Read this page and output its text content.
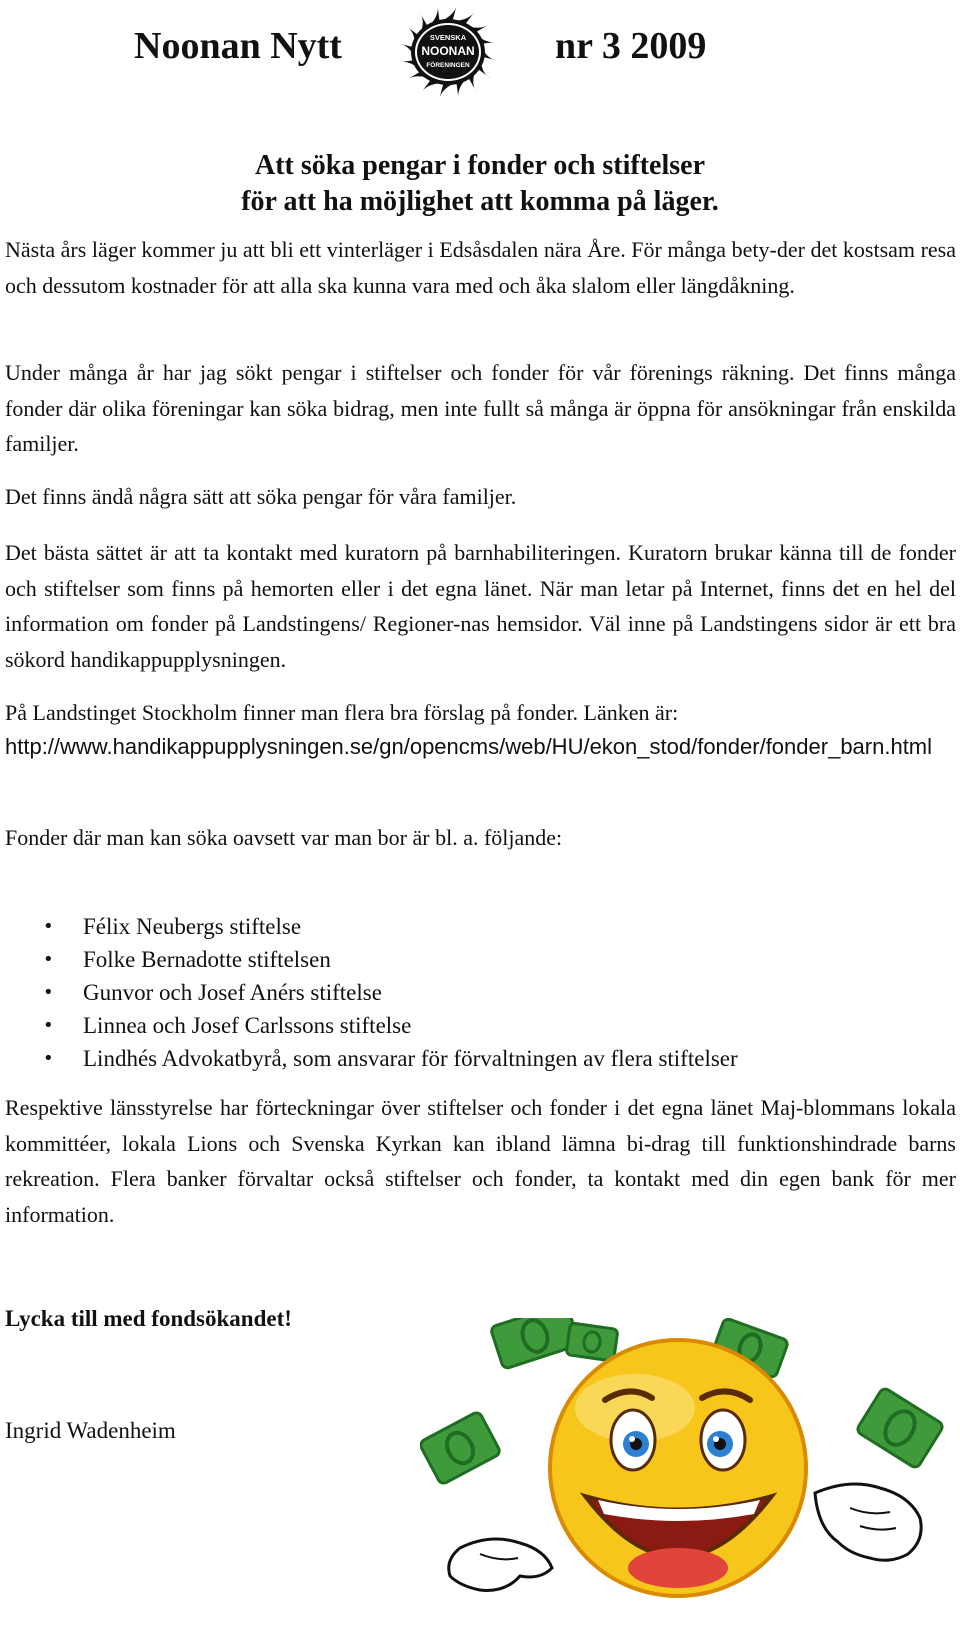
Noonan Nytt	SVENSKA
NOONAN
FÖRENINGEN nr 3 2009
Att söka pengar i fonder och stiftelser
för att ha möjlighet att komma på läger.

Nästa års läger kommer ju att bli ett vinterläger i Edsåsdalen nära Åre. För många bety-der det kostsam resa och dessutom kostnader för att alla ska kunna vara med och åka slalom eller längdåkning.

Under många år har jag sökt pengar i stiftelser och fonder för vår förenings räkning. Det finns många fonder där olika föreningar kan söka bidrag, men inte fullt så många är öppna för ansökningar från enskilda familjer.

Det finns ändå några sätt att söka pengar för våra familjer.

Det bästa sättet är att ta kontakt med kuratorn på barnhabiliteringen. Kuratorn brukar känna till de fonder och stiftelser som finns på hemorten eller i det egna länet. När man letar på Internet, finns det en hel del information om fonder på Landstingens/ Regioner-nas hemsidor. Väl inne på Landstingens sidor är ett bra sökord handikappupplysningen.

På Landstinget Stockholm finner man flera bra förslag på fonder. Länken är:

http://www.handikappupplysningen.se/gn/opencms/web/HU/ekon_stod/fonder/fonder_barn.html

Fonder där man kan söka oavsett var man bor är bl. a. följande:

• Félix Neubergs stiftelse
• Folke Bernadotte stiftelsen
• Gunvor och Josef Anérs stiftelse
• Linnea och Josef Carlssons stiftelse
• Lindhés Advokatbyrå, som ansvarar för förvaltningen av flera stiftelser

Respektive länsstyrelse har förteckningar över stiftelser och fonder i det egna länet Maj-blommans lokala kommittéer, lokala Lions och Svenska Kyrkan kan ibland lämna bi-drag till funktionshindrade barns rekreation. Flera banker förvaltar också stiftelser och fonder, ta kontakt med din egen bank för mer information.

Lycka till med fondsökandet!
Ingrid Wadenheim
